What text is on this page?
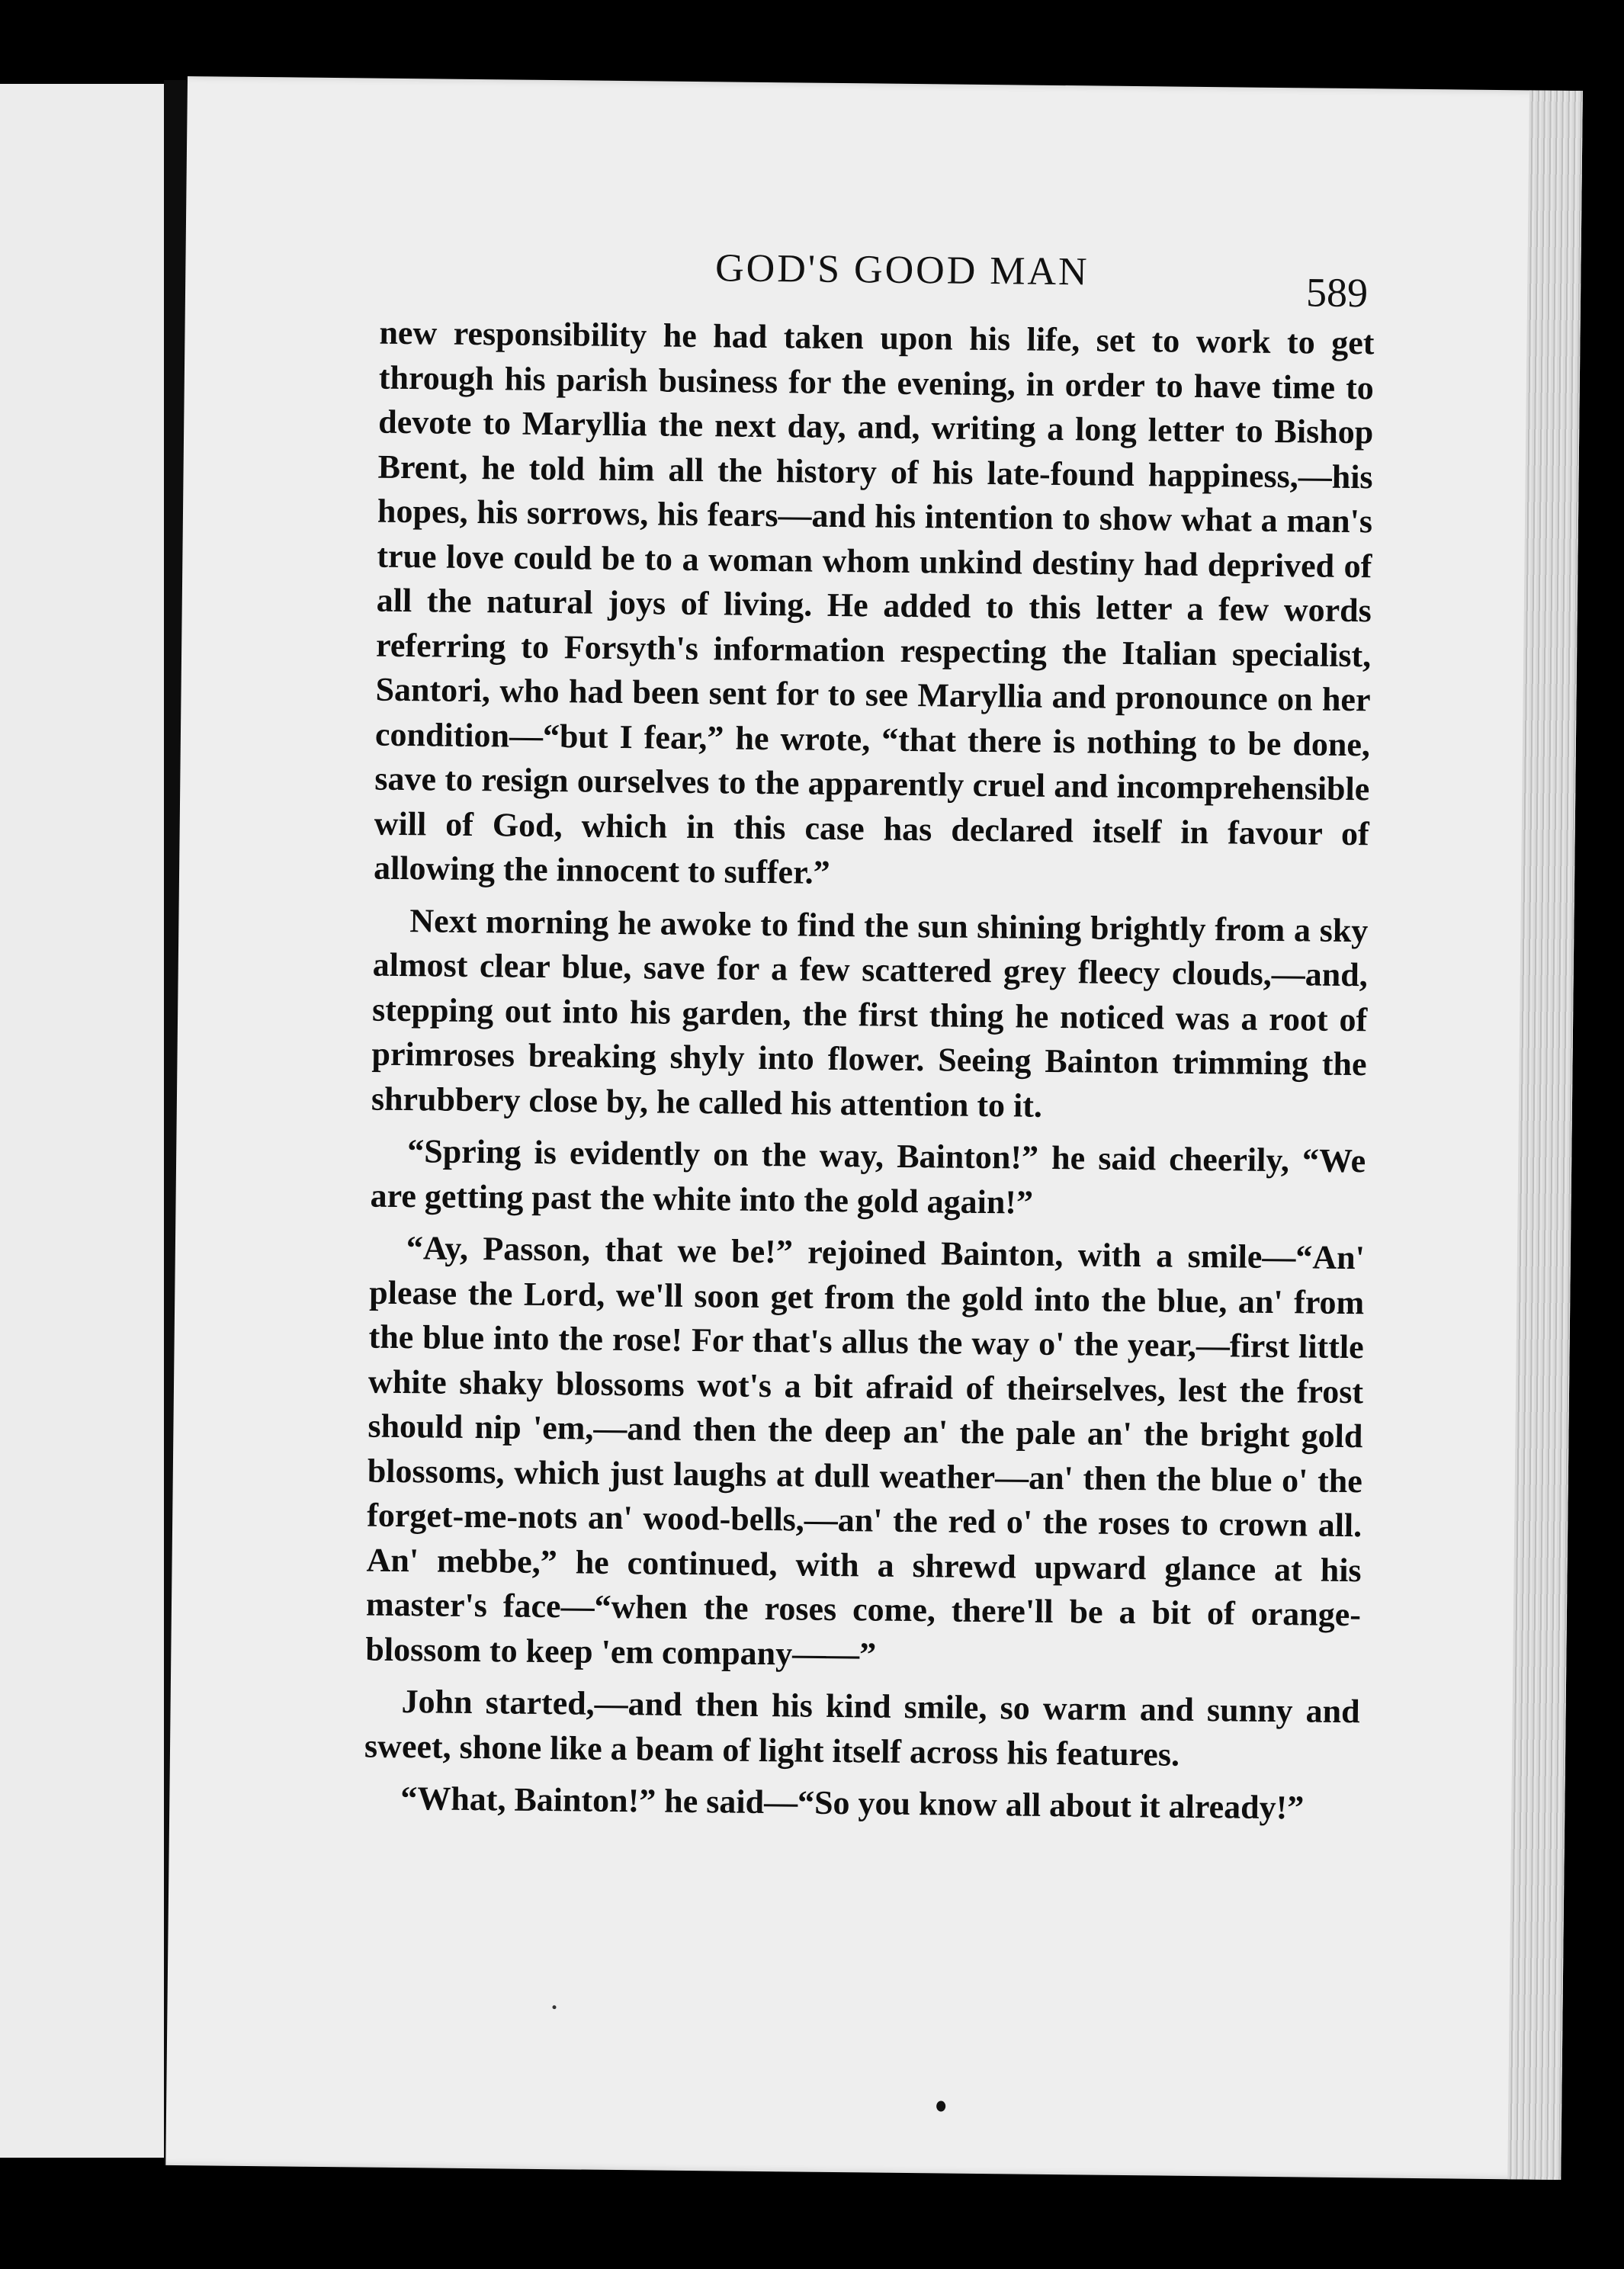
GOD'S GOOD MAN	589

new responsibility he had taken upon his life, set to work to get through his parish business for the evening, in order to have time to devote to Maryllia the next day, and, writing a long letter to Bishop Brent, he told him all the history of his late-found happiness,—his hopes, his sorrows, his fears—and his intention to show what a man's true love could be to a woman whom unkind destiny had deprived of all the natural joys of living. He added to this letter a few words referring to Forsyth's information respecting the Italian specialist, Santori, who had been sent for to see Maryllia and pronounce on her condition—“but I fear,” he wrote, “that there is nothing to be done, save to resign ourselves to the apparently cruel and incomprehensible will of God, which in this case has declared itself in favour of allowing the innocent to suffer.”

Next morning he awoke to find the sun shining brightly from a sky almost clear blue, save for a few scattered grey fleecy clouds,—and, stepping out into his garden, the first thing he noticed was a root of primroses breaking shyly into flower. Seeing Bainton trimming the shrubbery close by, he called his attention to it.

“Spring is evidently on the way, Bainton!” he said cheerily, “We are getting past the white into the gold again!”

“Ay, Passon, that we be!” rejoined Bainton, with a smile—“An' please the Lord, we'll soon get from the gold into the blue, an' from the blue into the rose! For that's allus the way o' the year,—first little white shaky blossoms wot's a bit afraid of theirselves, lest the frost should nip 'em,—and then the deep an' the pale an' the bright gold blossoms, which just laughs at dull weather—an' then the blue o' the forget-me-nots an' wood-bells,—an' the red o' the roses to crown all. An' mebbe,” he continued, with a shrewd upward glance at his master's face—“when the roses come, there'll be a bit of orange-blossom to keep 'em company——”

John started,—and then his kind smile, so warm and sunny and sweet, shone like a beam of light itself across his features.

“What, Bainton!” he said—“So you know all about it already!”
